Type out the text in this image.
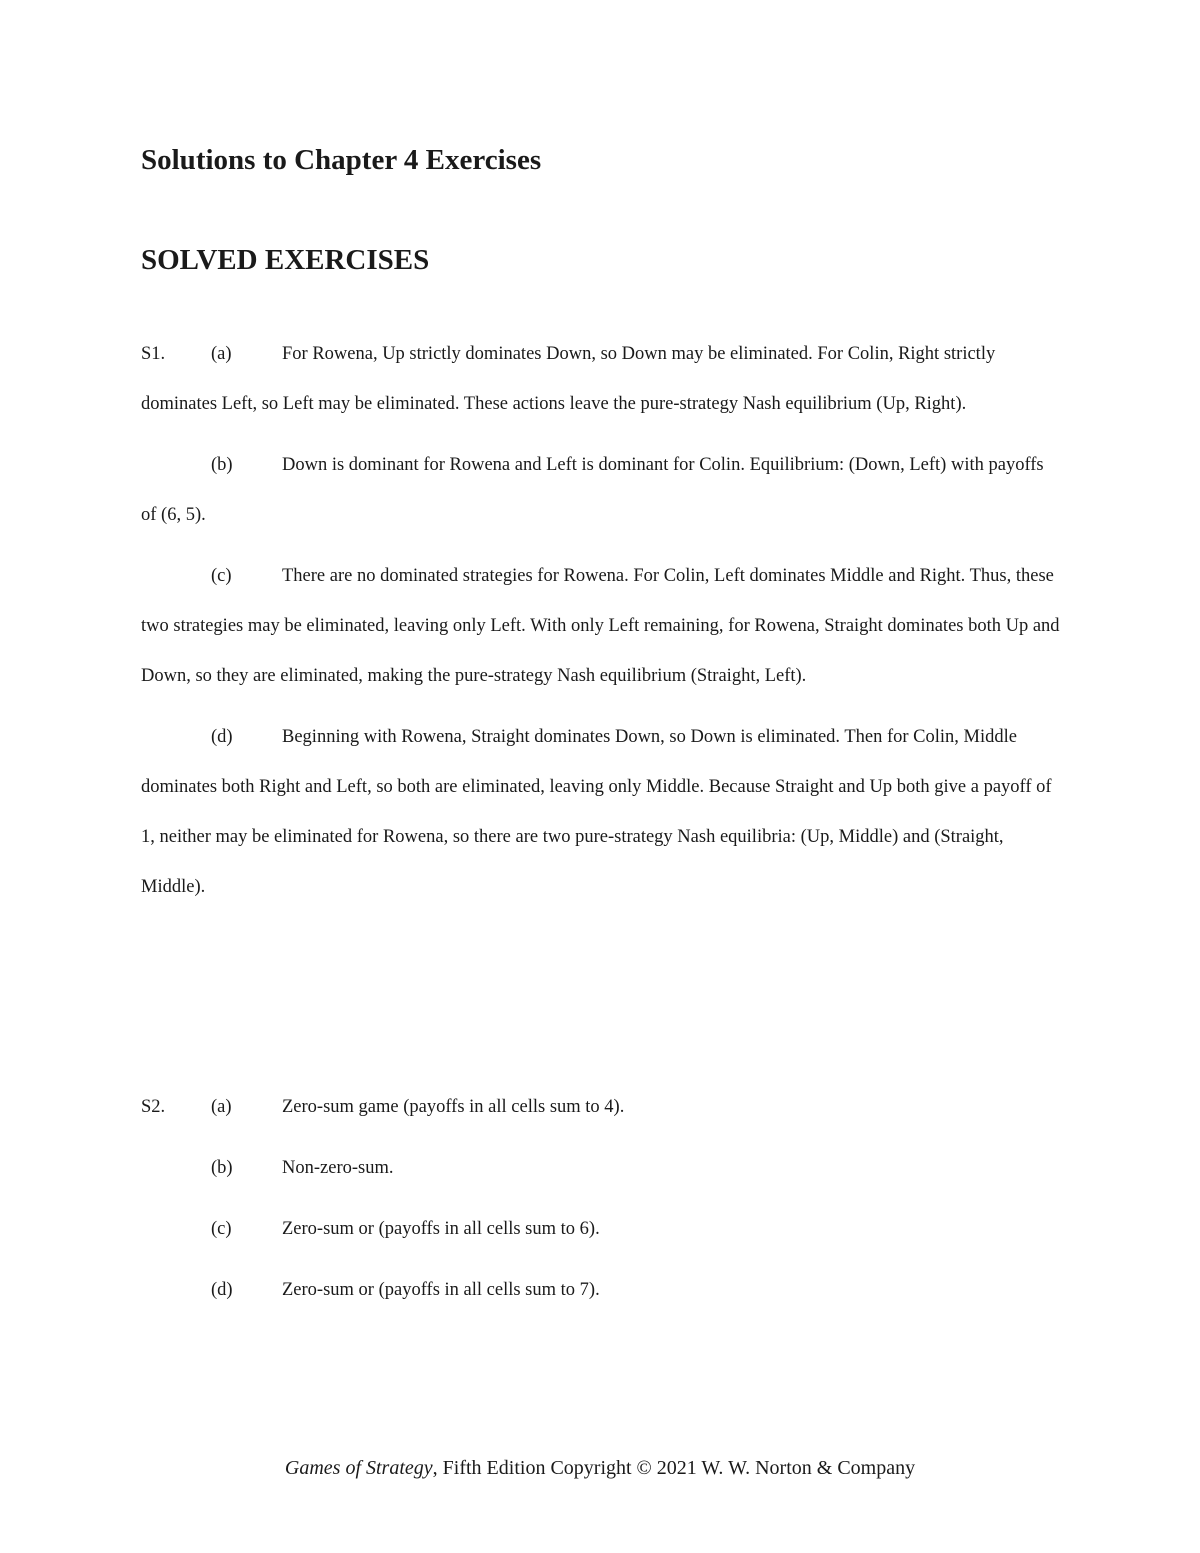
Solutions to Chapter 4 Exercises
SOLVED EXERCISES
S1. (a)	For Rowena, Up strictly dominates Down, so Down may be eliminated. For Colin, Right strictly dominates Left, so Left may be eliminated. These actions leave the pure-strategy Nash equilibrium (Up, Right).

(b)	Down is dominant for Rowena and Left is dominant for Colin. Equilibrium: (Down, Left) with payoffs of (6, 5).

(c)	There are no dominated strategies for Rowena. For Colin, Left dominates Middle and Right. Thus, these two strategies may be eliminated, leaving only Left. With only Left remaining, for Rowena, Straight dominates both Up and Down, so they are eliminated, making the pure-strategy Nash equilibrium (Straight, Left).

(d)	Beginning with Rowena, Straight dominates Down, so Down is eliminated. Then for Colin, Middle dominates both Right and Left, so both are eliminated, leaving only Middle. Because Straight and Up both give a payoff of 1, neither may be eliminated for Rowena, so there are two pure-strategy Nash equilibria: (Up, Middle) and (Straight, Middle).

S2. (a)	Zero-sum game (payoffs in all cells sum to 4).
(b)	Non-zero-sum.
(c)	Zero-sum or (payoffs in all cells sum to 6).
(d)	Zero-sum or (payoffs in all cells sum to 7).
Games of Strategy, Fifth Edition Copyright © 2021 W. W. Norton & Company
